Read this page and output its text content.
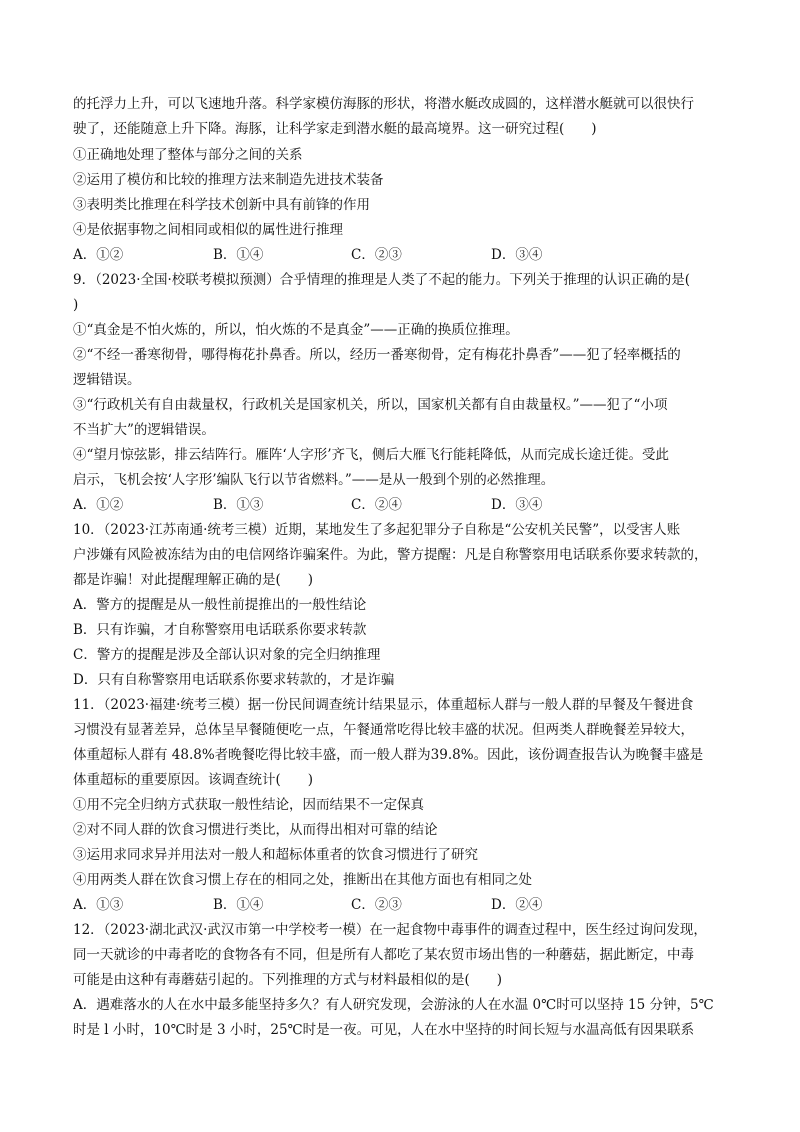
的托浮力上升，可以飞速地升落。科学家模仿海豚的形状，将潜水艇改成圆的，这样潜水艇就可以很快行
驶了，还能随意上升下降。海豚，让科学家走到潜水艇的最高境界。这一研究过程(　　)
①正确地处理了整体与部分之间的关系
②运用了模仿和比较的推理方法来制造先进技术装备
③表明类比推理在科学技术创新中具有前锋的作用
④是依据事物之间相同或相似的属性进行推理
A．①②	B．①④	C．②③	D．③④
9．（2023·全国·校联考模拟预测）合乎情理的推理是人类了不起的能力。下列关于推理的认识正确的是(
)
①“真金是不怕火炼的，所以，怕火炼的不是真金”——正确的换质位推理。
②“不经一番寒彻骨，哪得梅花扑鼻香。所以，经历一番寒彻骨，定有梅花扑鼻香”——犯了轻率概括的
逻辑错误。
③“行政机关有自由裁量权，行政机关是国家机关，所以，国家机关都有自由裁量权。”——犯了“小项
不当扩大”的逻辑错误。
④“望月惊弦影，排云结阵行。雁阵‘人字形’齐飞，侧后大雁飞行能耗降低，从而完成长途迁徙。受此
启示，飞机会按‘人字形’编队飞行以节省燃料。”——是从一般到个别的必然推理。
A．①②	B．①③	C．②④	D．③④
10．（2023·江苏南通·统考三模）近期，某地发生了多起犯罪分子自称是“公安机关民警”，以受害人账
户涉嫌有风险被冻结为由的电信网络诈骗案件。为此，警方提醒：凡是自称警察用电话联系你要求转款的，
都是诈骗！对此提醒理解正确的是(　　)
A．警方的提醒是从一般性前提推出的一般性结论
B．只有诈骗，才自称警察用电话联系你要求转款
C．警方的提醒是涉及全部认识对象的完全归纳推理
D．只有自称警察用电话联系你要求转款的，才是诈骗
11．（2023·福建·统考三模）据一份民间调查统计结果显示，体重超标人群与一般人群的早餐及午餐进食
习惯没有显著差异，总体呈早餐随便吃一点，午餐通常吃得比较丰盛的状况。但两类人群晚餐差异较大，
体重超标人群有 48.8%者晚餐吃得比较丰盛，而一般人群为39.8%。因此，该份调查报告认为晚餐丰盛是
体重超标的重要原因。该调查统计(　　)
①用不完全归纳方式获取一般性结论，因而结果不一定保真
②对不同人群的饮食习惯进行类比，从而得出相对可靠的结论
③运用求同求异并用法对一般人和超标体重者的饮食习惯进行了研究
④用两类人群在饮食习惯上存在的相同之处，推断出在其他方面也有相同之处
A．①③	B．①④	C．②③	D．②④
12．（2023·湖北武汉·武汉市第一中学校考一模）在一起食物中毒事件的调查过程中，医生经过询问发现，
同一天就诊的中毒者吃的食物各有不同，但是所有人都吃了某农贸市场出售的一种蘑菇，据此断定，中毒
可能是由这种有毒蘑菇引起的。下列推理的方式与材料最相似的是(　　)
A．遇难落水的人在水中最多能坚持多久？有人研究发现，会游泳的人在水温 0℃时可以坚持 15 分钟，5℃
时是 l 小时，10℃时是 3 小时，25℃时是一夜。可见，人在水中坚持的时间长短与水温高低有因果联系
